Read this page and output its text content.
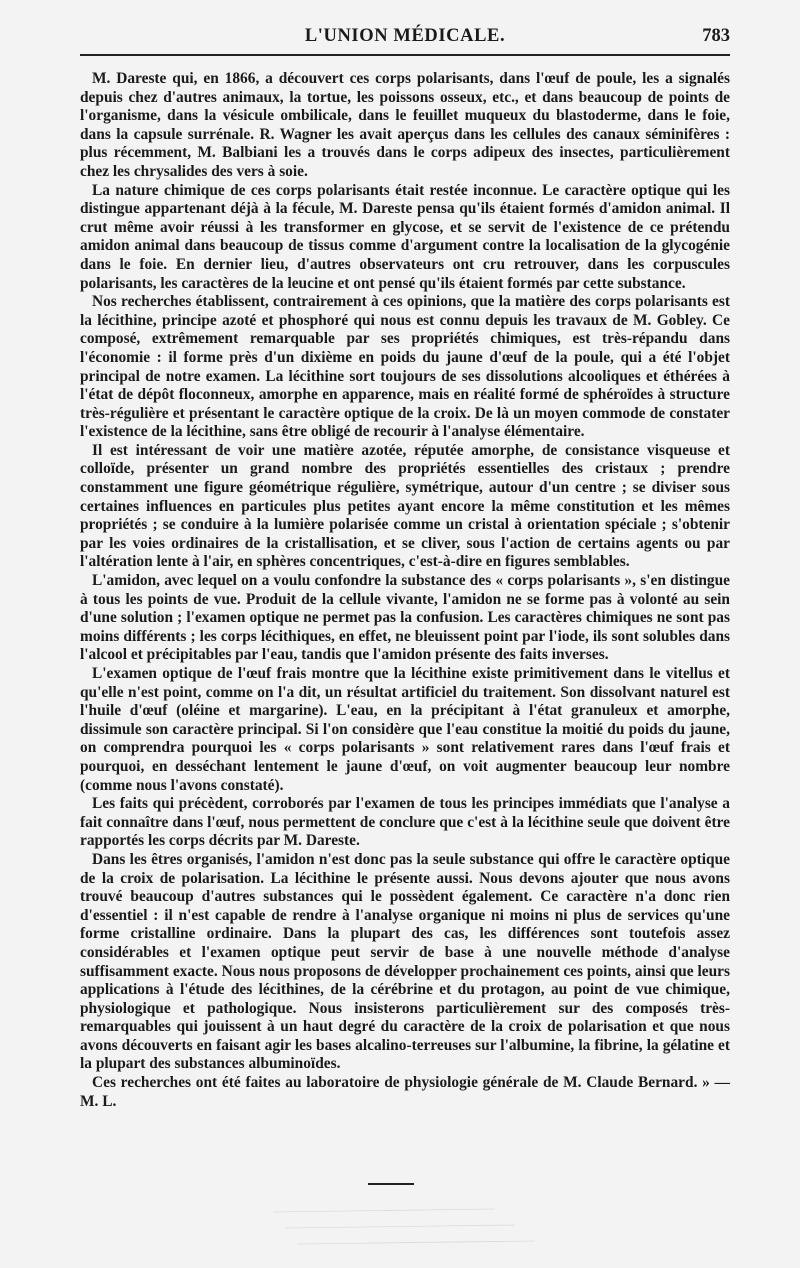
L'UNION MÉDICALE.	783

M. Dareste qui, en 1866, a découvert ces corps polarisants, dans l'œuf de poule, les a signalés depuis chez d'autres animaux, la tortue, les poissons osseux, etc., et dans beaucoup de points de l'organisme, dans la vésicule ombilicale, dans le feuillet muqueux du blastoderme, dans le foie, dans la capsule surrénale. R. Wagner les avait aperçus dans les cellules des canaux séminifères : plus récemment, M. Balbiani les a trouvés dans le corps adipeux des insectes, particulièrement chez les chrysalides des vers à soie.

La nature chimique de ces corps polarisants était restée inconnue. Le caractère optique qui les distingue appartenant déjà à la fécule, M. Dareste pensa qu'ils étaient formés d'amidon animal. Il crut même avoir réussi à les transformer en glycose, et se servit de l'existence de ce prétendu amidon animal dans beaucoup de tissus comme d'argument contre la localisation de la glycogénie dans le foie. En dernier lieu, d'autres observateurs ont cru retrouver, dans les corpuscules polarisants, les caractères de la leucine et ont pensé qu'ils étaient formés par cette substance.

Nos recherches établissent, contrairement à ces opinions, que la matière des corps polarisants est la lécithine, principe azoté et phosphoré qui nous est connu depuis les travaux de M. Gobley. Ce composé, extrêmement remarquable par ses propriétés chimiques, est très-répandu dans l'économie : il forme près d'un dixième en poids du jaune d'œuf de la poule, qui a été l'objet principal de notre examen. La lécithine sort toujours de ses dissolutions alcooliques et éthérées à l'état de dépôt floconneux, amorphe en apparence, mais en réalité formé de sphéroïdes à structure très-régulière et présentant le caractère optique de la croix. De là un moyen commode de constater l'existence de la lécithine, sans être obligé de recourir à l'analyse élémentaire.

Il est intéressant de voir une matière azotée, réputée amorphe, de consistance visqueuse et colloïde, présenter un grand nombre des propriétés essentielles des cristaux ; prendre constamment une figure géométrique régulière, symétrique, autour d'un centre ; se diviser sous certaines influences en particules plus petites ayant encore la même constitution et les mêmes propriétés ; se conduire à la lumière polarisée comme un cristal à orientation spéciale ; s'obtenir par les voies ordinaires de la cristallisation, et se cliver, sous l'action de certains agents ou par l'altération lente à l'air, en sphères concentriques, c'est-à-dire en figures semblables.

L'amidon, avec lequel on a voulu confondre la substance des « corps polarisants », s'en distingue à tous les points de vue. Produit de la cellule vivante, l'amidon ne se forme pas à volonté au sein d'une solution ; l'examen optique ne permet pas la confusion. Les caractères chimiques ne sont pas moins différents ; les corps lécithiques, en effet, ne bleuissent point par l'iode, ils sont solubles dans l'alcool et précipitables par l'eau, tandis que l'amidon présente des faits inverses.

L'examen optique de l'œuf frais montre que la lécithine existe primitivement dans le vitellus et qu'elle n'est point, comme on l'a dit, un résultat artificiel du traitement. Son dissolvant naturel est l'huile d'œuf (oléine et margarine). L'eau, en la précipitant à l'état granuleux et amorphe, dissimule son caractère principal. Si l'on considère que l'eau constitue la moitié du poids du jaune, on comprendra pourquoi les « corps polarisants » sont relativement rares dans l'œuf frais et pourquoi, en desséchant lentement le jaune d'œuf, on voit augmenter beaucoup leur nombre (comme nous l'avons constaté).

Les faits qui précèdent, corroborés par l'examen de tous les principes immédiats que l'analyse a fait connaître dans l'œuf, nous permettent de conclure que c'est à la lécithine seule que doivent être rapportés les corps décrits par M. Dareste.

Dans les êtres organisés, l'amidon n'est donc pas la seule substance qui offre le caractère optique de la croix de polarisation. La lécithine le présente aussi. Nous devons ajouter que nous avons trouvé beaucoup d'autres substances qui le possèdent également. Ce caractère n'a donc rien d'essentiel : il n'est capable de rendre à l'analyse organique ni moins ni plus de services qu'une forme cristalline ordinaire. Dans la plupart des cas, les différences sont toutefois assez considérables et l'examen optique peut servir de base à une nouvelle méthode d'analyse suffisamment exacte. Nous nous proposons de développer prochainement ces points, ainsi que leurs applications à l'étude des lécithines, de la cérébrine et du protagon, au point de vue chimique, physiologique et pathologique. Nous insisterons particulièrement sur des composés très-remarquables qui jouissent à un haut degré du caractère de la croix de polarisation et que nous avons découverts en faisant agir les bases alcalino-terreuses sur l'albumine, la fibrine, la gélatine et la plupart des substances albuminoïdes.

Ces recherches ont été faites au laboratoire de physiologie générale de M. Claude Bernard. » — M. L.
